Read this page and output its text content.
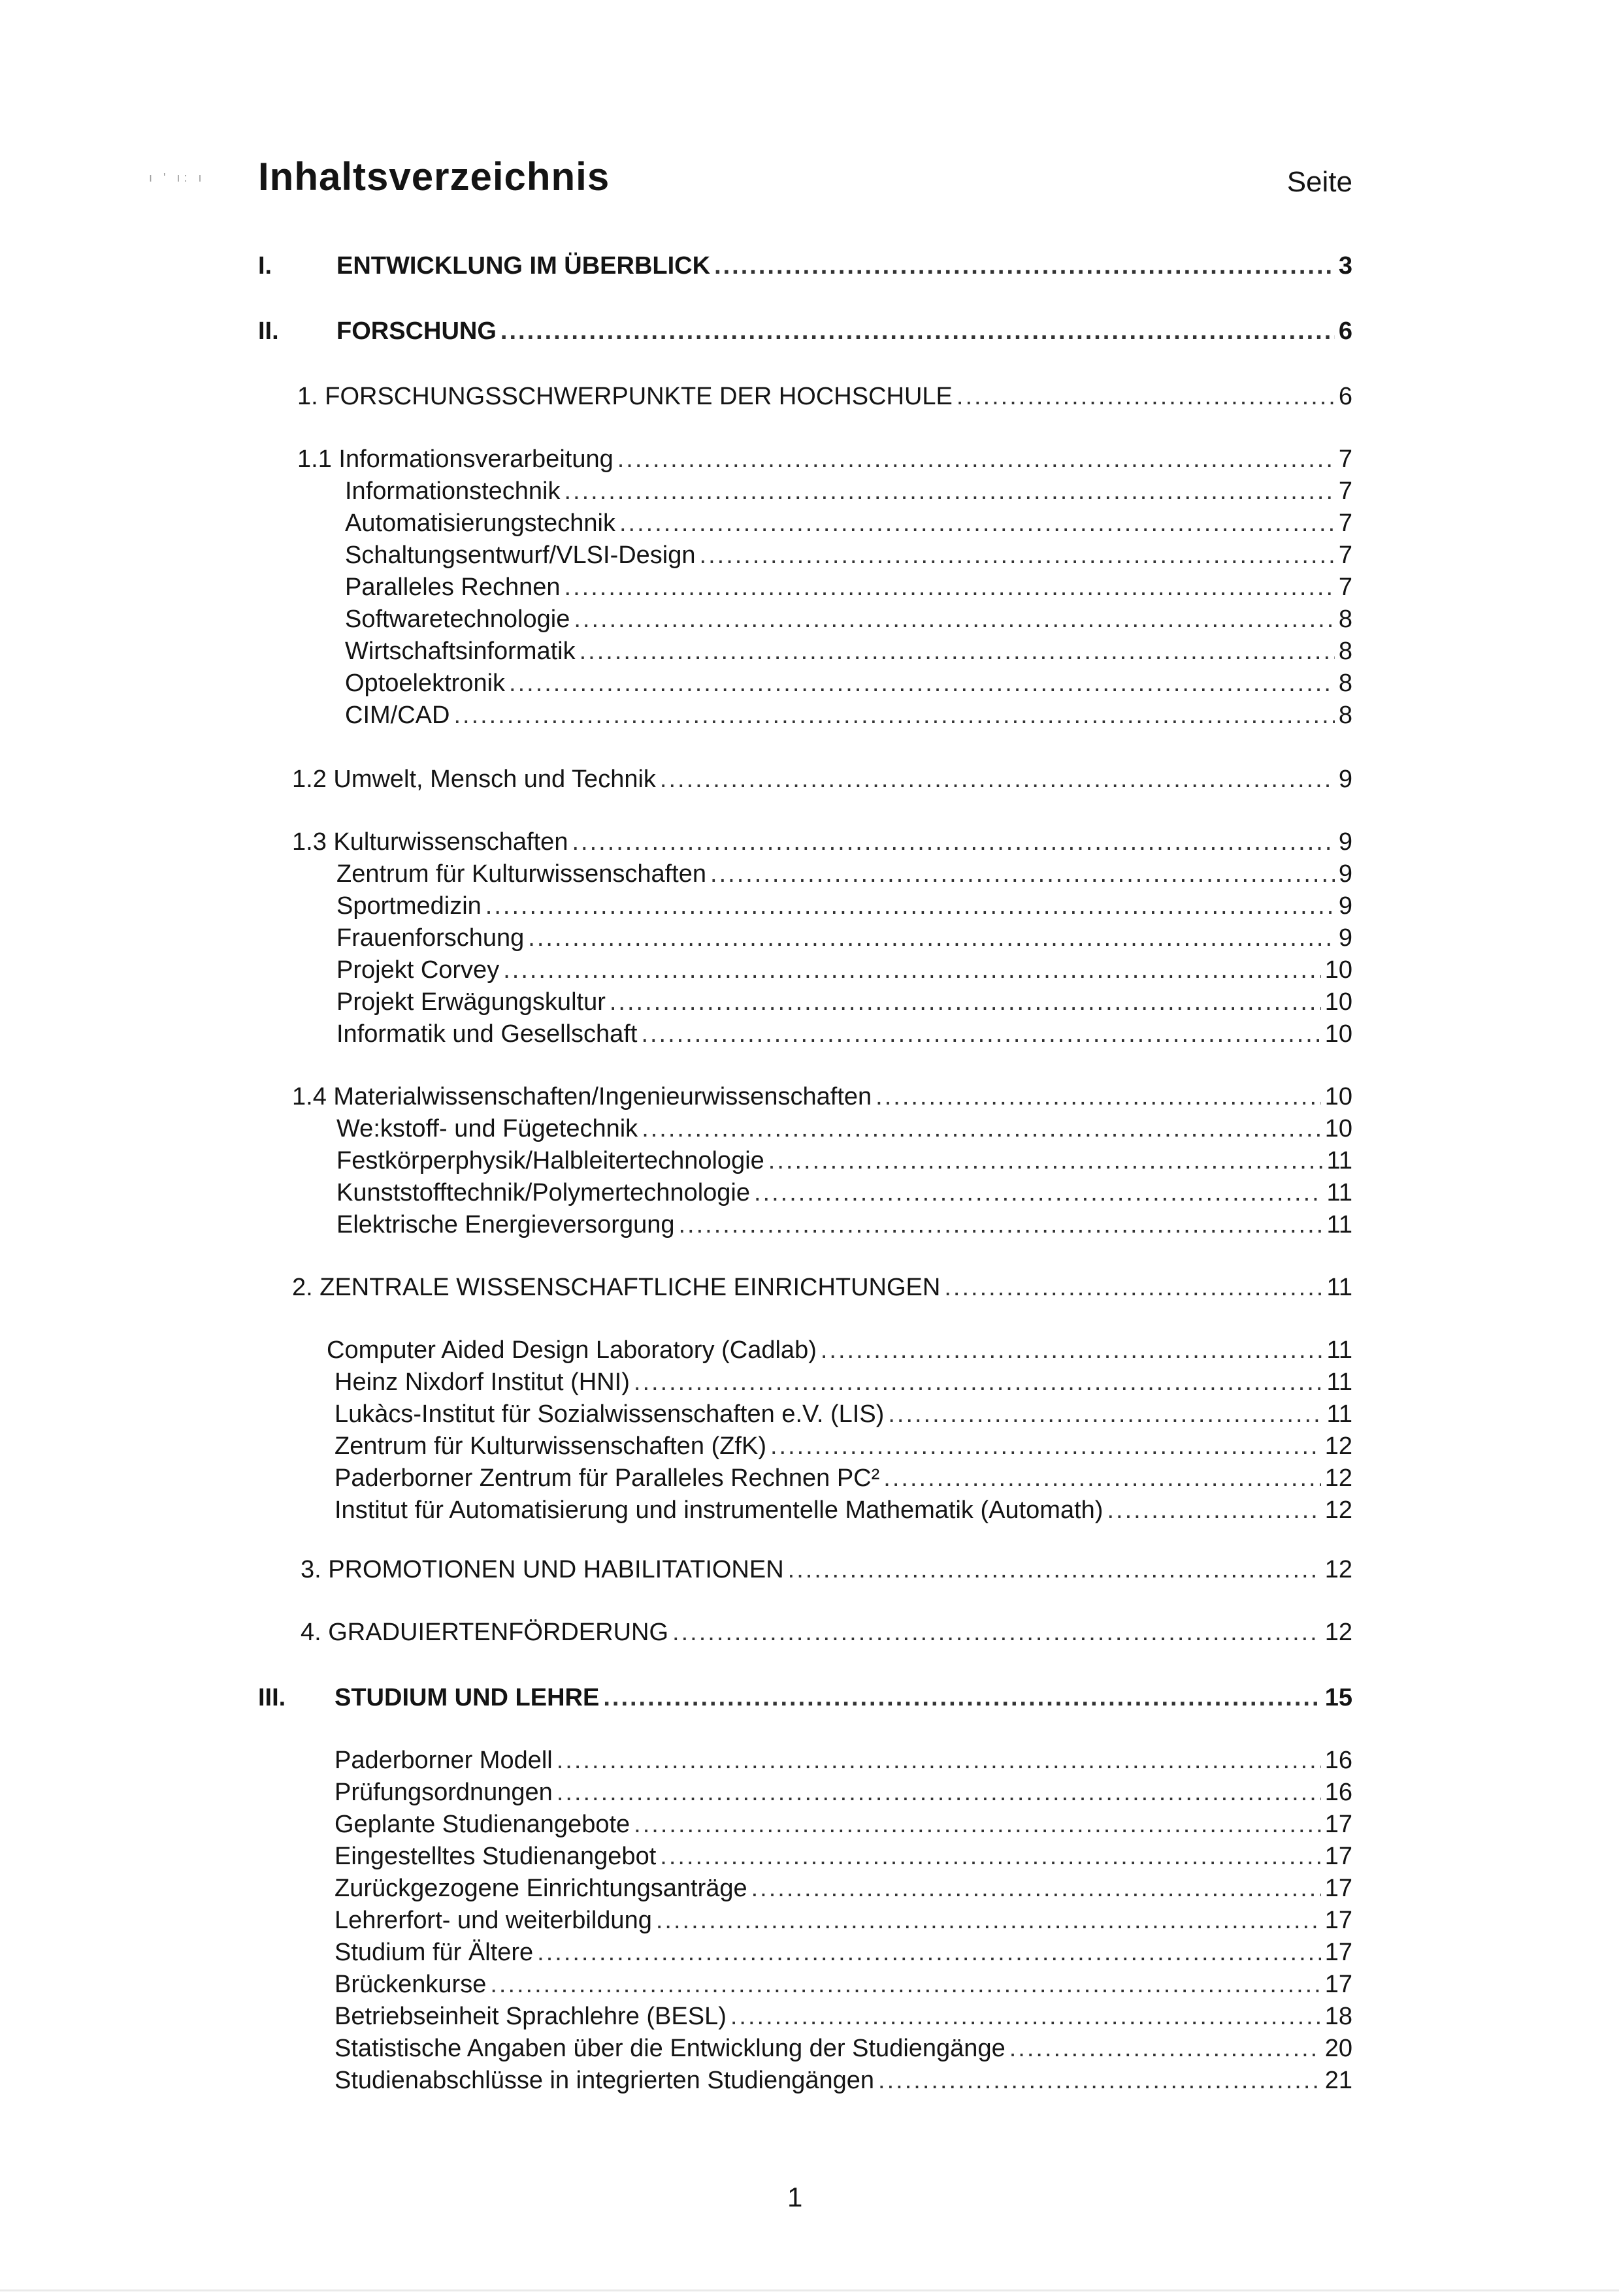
ı ' ı: ı Inhaltsverzeichnis	Seite
I.	ENTWICKLUNG IM ÜBERBLICK .....	3
II. FORSCHUNG .....	6
1. FORSCHUNGSSCHWERPUNKTE DER HOCHSCHULE .....	6
1.1 Informationsverarbeitung .....	7
Informationstechnik .....	7
Automatisierungstechnik .....	7
Schaltungsentwurf/VLSI-Design .....	7
Paralleles Rechnen .....	7
Softwaretechnologie .....	8
Wirtschaftsinformatik .....	8
Optoelektronik .....	8
CIM/CAD .....	8
1.2 Umwelt, Mensch und Technik .....	9
1.3 Kulturwissenschaften .....	9
Zentrum für Kulturwissenschaften .....	9
Sportmedizin .....	9
Frauenforschung .....	9
Projekt Corvey .....	10
Projekt Erwägungskultur .....	10
Informatik und Gesellschaft .....	10
1.4 Materialwissenschaften/Ingenieurwissenschaften .....	10
We:kstoff- und Fügetechnik .....	10
Festkörperphysik/Halbleitertechnologie .....	11
Kunststofftechnik/Polymertechnologie .....	11
Elektrische Energieversorgung .....	11
2. ZENTRALE WISSENSCHAFTLICHE EINRICHTUNGEN .....	11
Computer Aided Design Laboratory (Cadlab) .....	11
Heinz Nixdorf Institut (HNI) .....	11
Lukàcs-Institut für Sozialwissenschaften e.V. (LIS) .....	11
Zentrum für Kulturwissenschaften (ZfK) .....	12
Paderborner Zentrum für Paralleles Rechnen PC² .....	12
Institut für Automatisierung und instrumentelle Mathematik (Automath) .....	12
3. PROMOTIONEN UND HABILITATIONEN .....	12
4. GRADUIERTENFÖRDERUNG .....	12
III. STUDIUM UND LEHRE .....	15
Paderborner Modell .....	16
Prüfungsordnungen .....	16
Geplante Studienangebote .....	17
Eingestelltes Studienangebot .....	17
Zurückgezogene Einrichtungsanträge .....	17
Lehrerfort- und weiterbildung .....	17
Studium für Ältere .....	17
Brückenkurse .....	17
Betriebseinheit Sprachlehre (BESL) .....	18
Statistische Angaben über die Entwicklung der Studiengänge .....	20
Studienabschlüsse in integrierten Studiengängen .....	21
1
